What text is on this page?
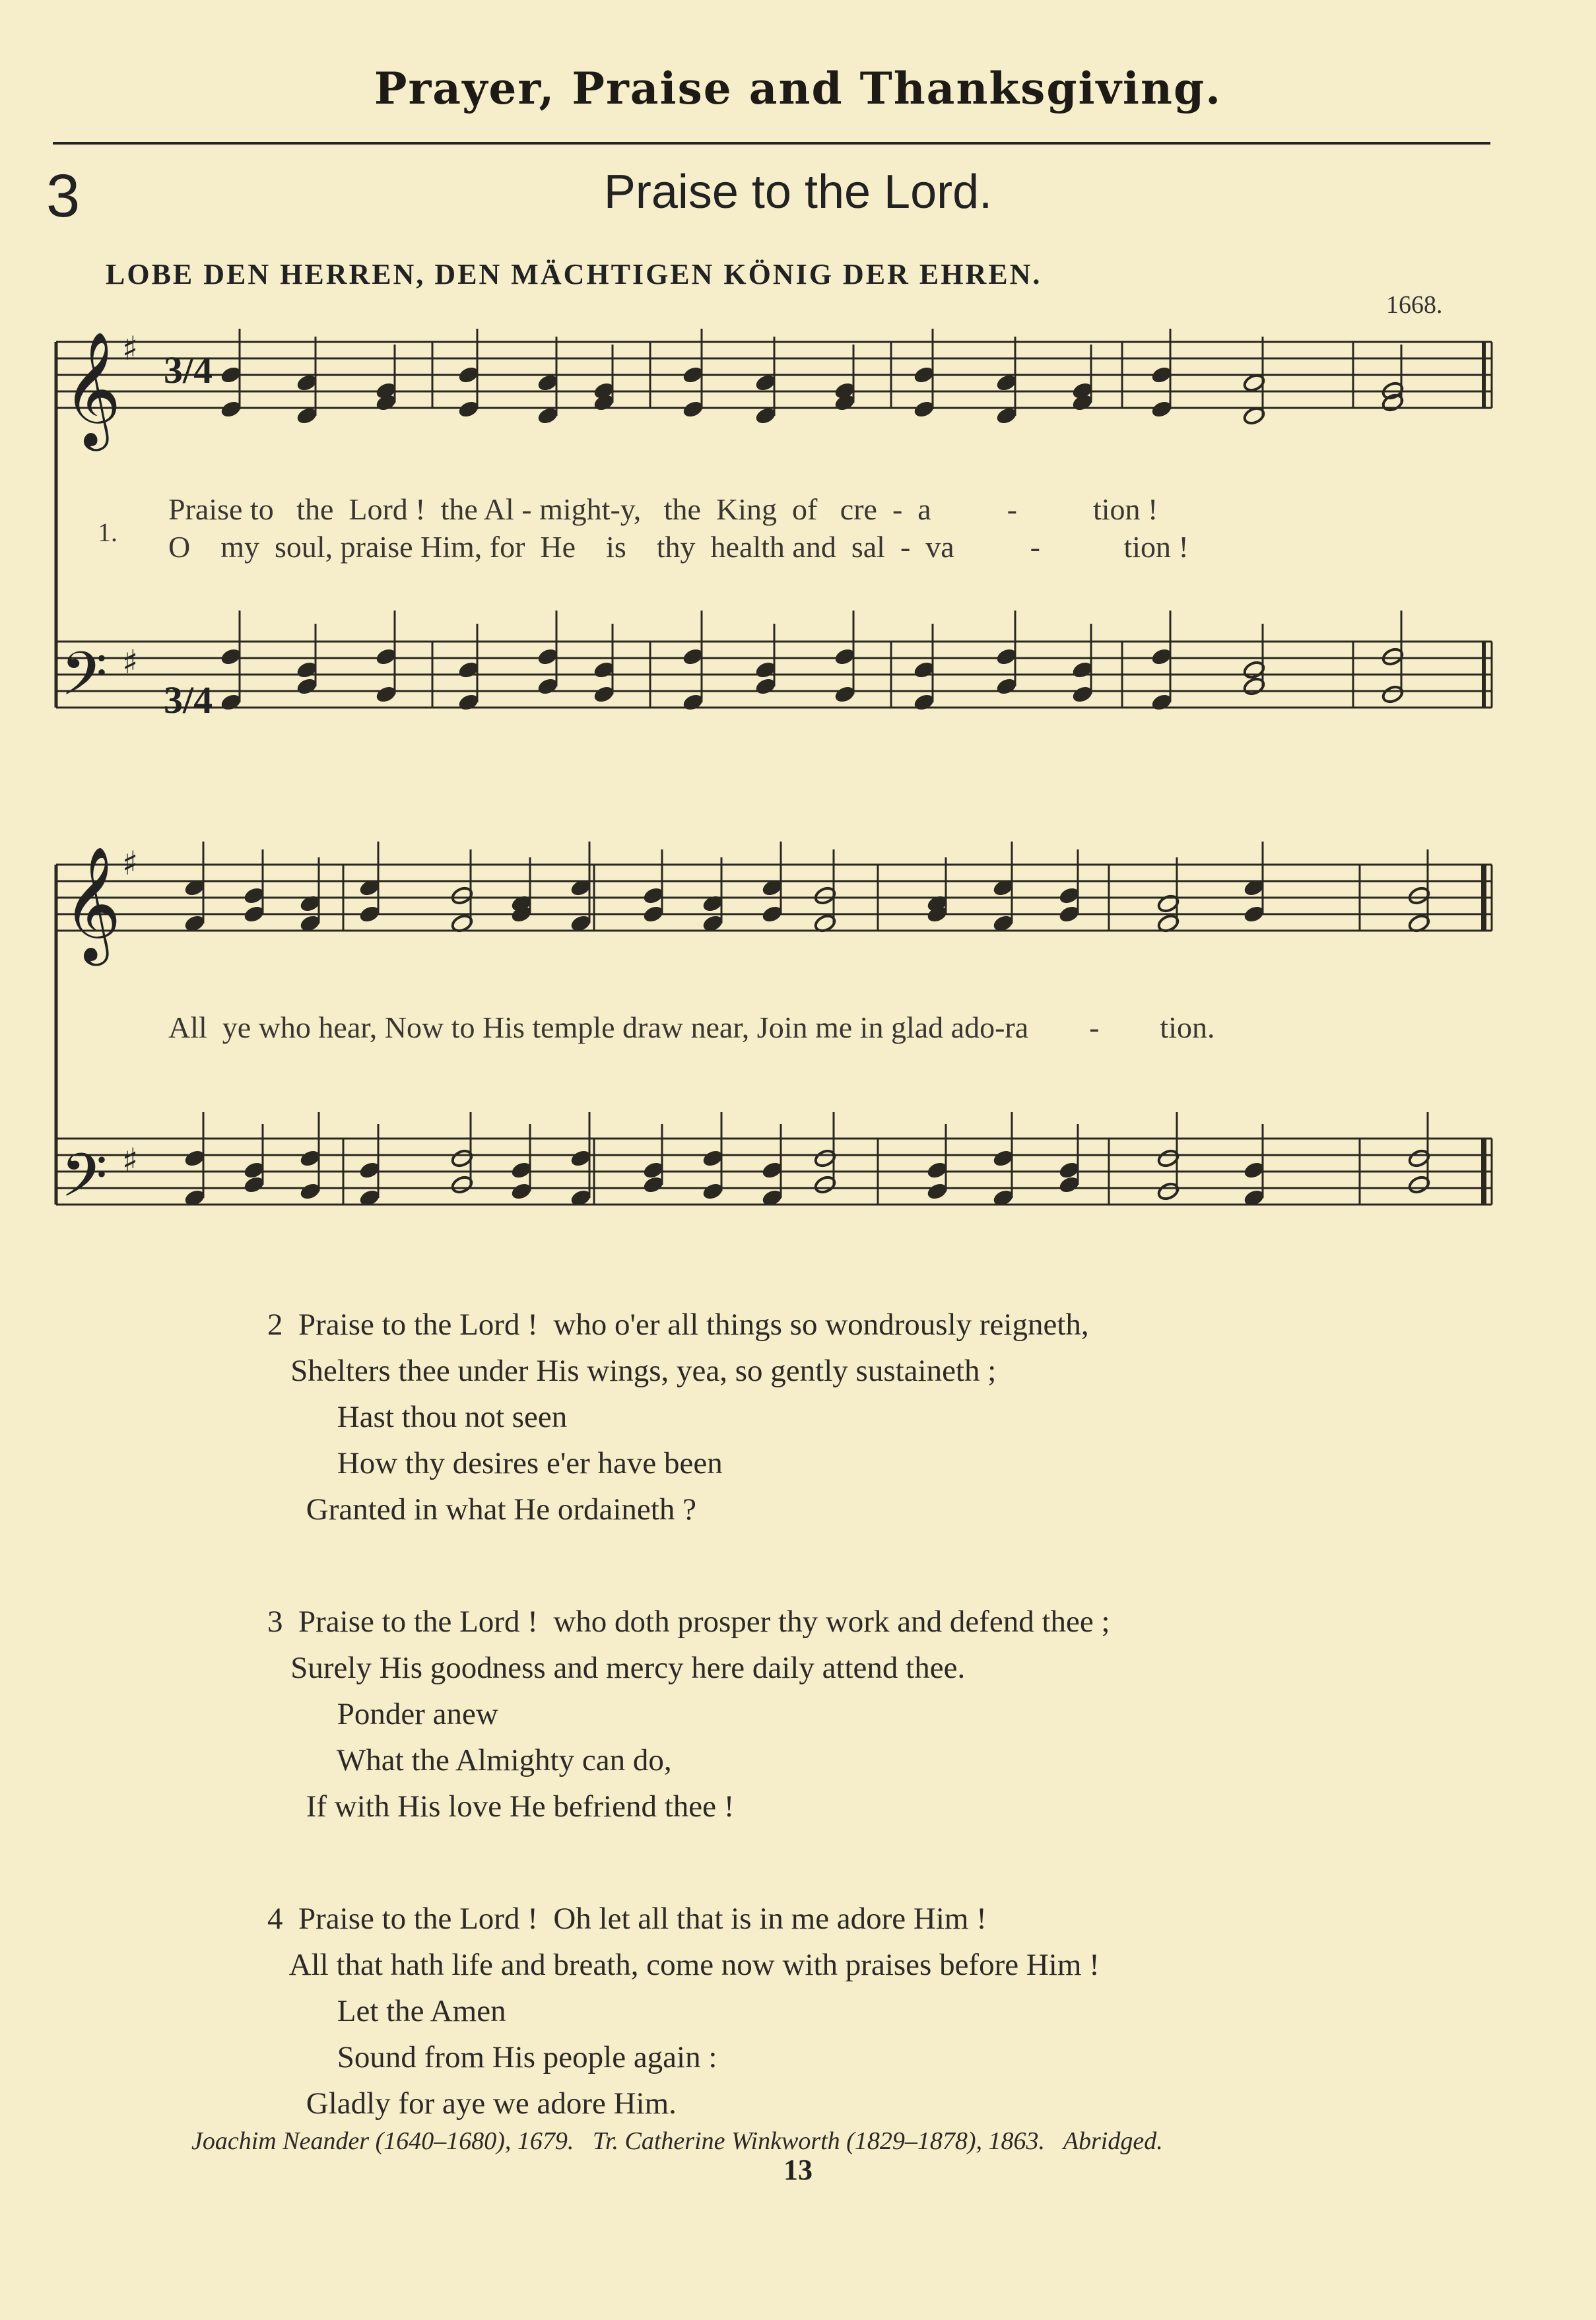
Prayer, Praise and Thanksgiving.
3	Praise to the Lord.
LOBE DEN HERREN, DEN MÄCHTIGEN KÖNIG DER EHREN.
1668.
3/4
3/4
𝄞
𝄢
𝄞
𝄢
♯
♯
♯
♯
1.
Praise to   the  Lord !  the Al - might-y,   the  King  of   cre  -  a          -          tion !
O    my  soul, praise Him, for  He    is    thy  health and  sal  -  va          -           tion !
All  ye who hear, Now to His temple draw near, Join me in glad ado-ra        -        tion.
2  Praise to the Lord !  who o'er all things so wondrously reigneth,
Shelters thee under His wings, yea, so gently sustaineth ;
Hast thou not seen
How thy desires e'er have been
Granted in what He ordaineth ?
3  Praise to the Lord !  who doth prosper thy work and defend thee ;
Surely His goodness and mercy here daily attend thee.
Ponder anew
What the Almighty can do,
If with His love He befriend thee !
4  Praise to the Lord !  Oh let all that is in me adore Him !
All that hath life and breath, come now with praises before Him !
Let the Amen
Sound from His people again :
Gladly for aye we adore Him.
Joachim Neander (1640–1680), 1679.   Tr. Catherine Winkworth (1829–1878), 1863.   Abridged.
13
